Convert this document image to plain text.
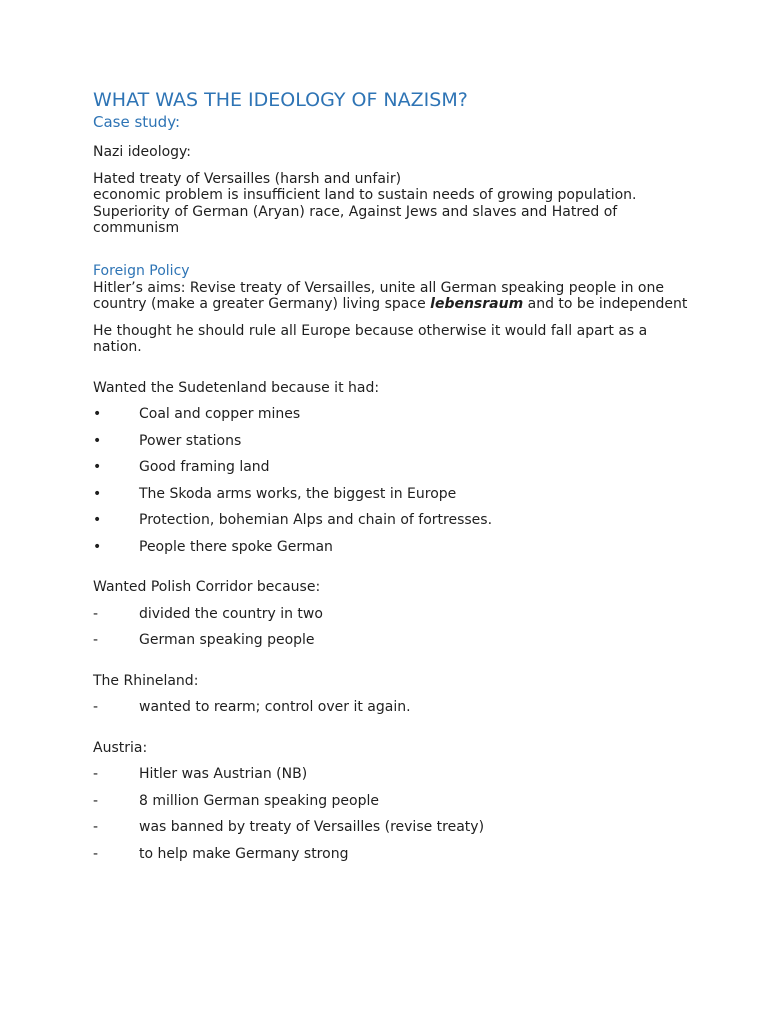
WHAT WAS THE IDEOLOGY OF NAZISM?
Case study:

Nazi ideology:

Hated treaty of Versailles (harsh and unfair)

economic problem is insufficient land to sustain needs of growing population.

Superiority of German (Aryan) race, Against Jews and slaves and Hatred of communism

Foreign Policy

Hitler’s aims: Revise treaty of Versailles, unite all German speaking people in one country (make a greater Germany) living space lebensraum and to be independent

He thought he should rule all Europe because otherwise it would fall apart as a nation.

Wanted the Sudetenland because it had:

•	Coal and copper mines
•	Power stations
•	Good framing land
•	The Skoda arms works, the biggest in Europe
•	Protection, bohemian Alps and chain of fortresses.
•	People there spoke German

Wanted Polish Corridor because:

-	divided the country in two
-	German speaking people

The Rhineland:

-	wanted to rearm; control over it again.

Austria:

-	Hitler was Austrian (NB)
-	8 million German speaking people
-	was banned by treaty of Versailles (revise treaty)
-	to help make Germany strong
